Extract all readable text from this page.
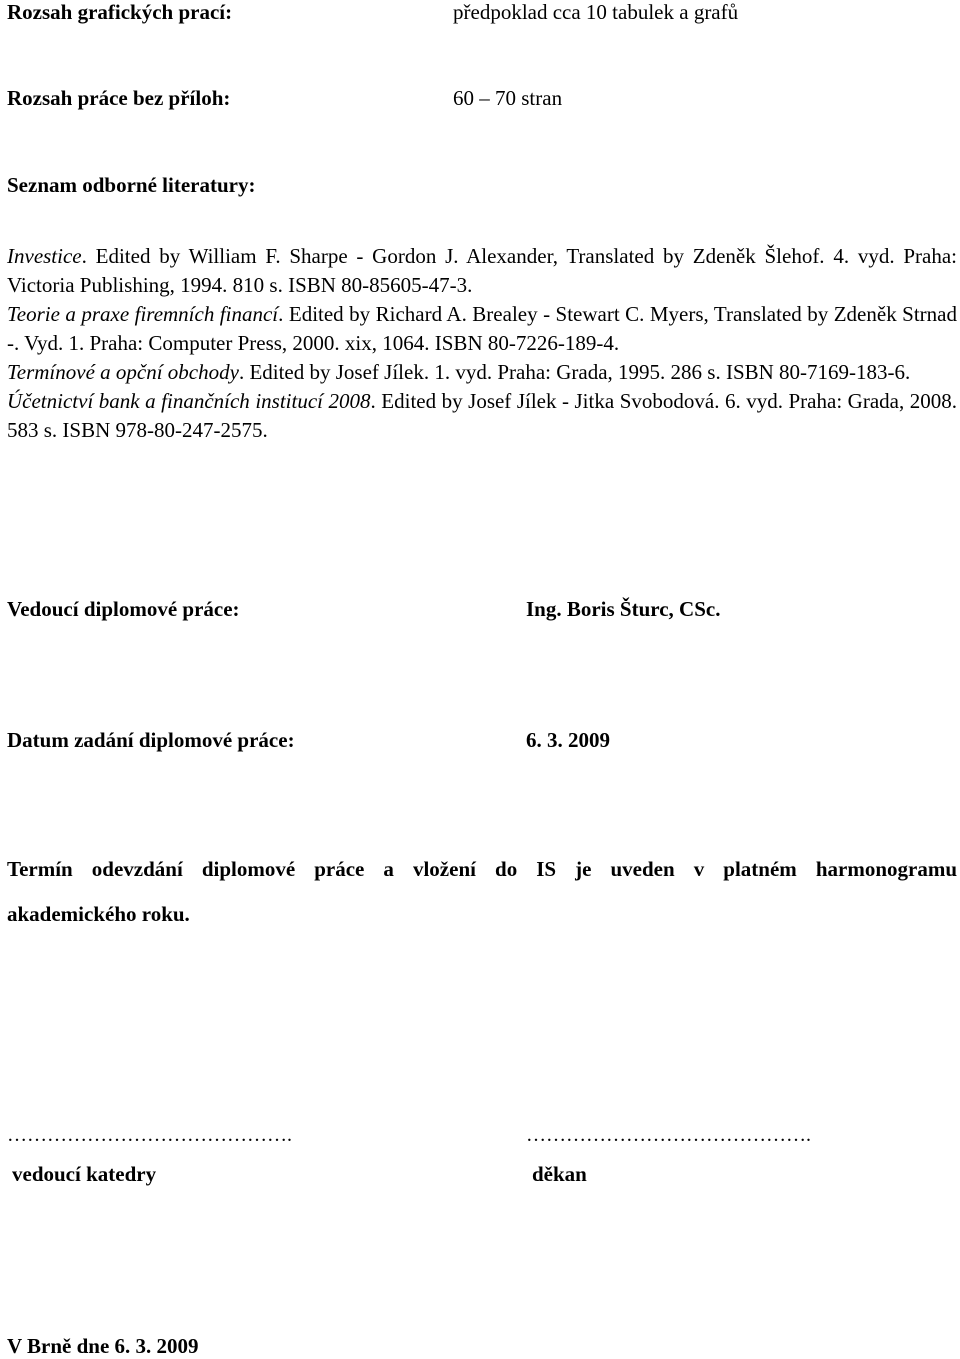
Rozsah grafických prací:	předpoklad cca 10 tabulek a grafů
Rozsah práce bez příloh:	60 – 70 stran
Seznam odborné literatury:
Investice. Edited by William F. Sharpe - Gordon J. Alexander, Translated by Zdeněk Šlehof. 4. vyd. Praha: Victoria Publishing, 1994. 810 s. ISBN 80-85605-47-3.
Teorie a praxe firemních financí. Edited by Richard A. Brealey - Stewart C. Myers, Translated by Zdeněk Strnad -. Vyd. 1. Praha: Computer Press, 2000. xix, 1064. ISBN 80-7226-189-4.
Termínové a opční obchody. Edited by Josef Jílek. 1. vyd. Praha: Grada, 1995. 286 s. ISBN 80-7169-183-6.
Účetnictví bank a finančních institucí 2008. Edited by Josef Jílek - Jitka Svobodová. 6. vyd. Praha: Grada, 2008. 583 s. ISBN 978-80-247-2575.
Vedoucí diplomové práce:	Ing. Boris Šturc, CSc.
Datum zadání diplomové práce:	6. 3. 2009
Termín odevzdání diplomové práce a vložení do IS je uveden v platném harmonogramu
akademického roku.
…………………………………….	…………………………………….
vedoucí katedry	děkan
V Brně dne 6. 3. 2009
